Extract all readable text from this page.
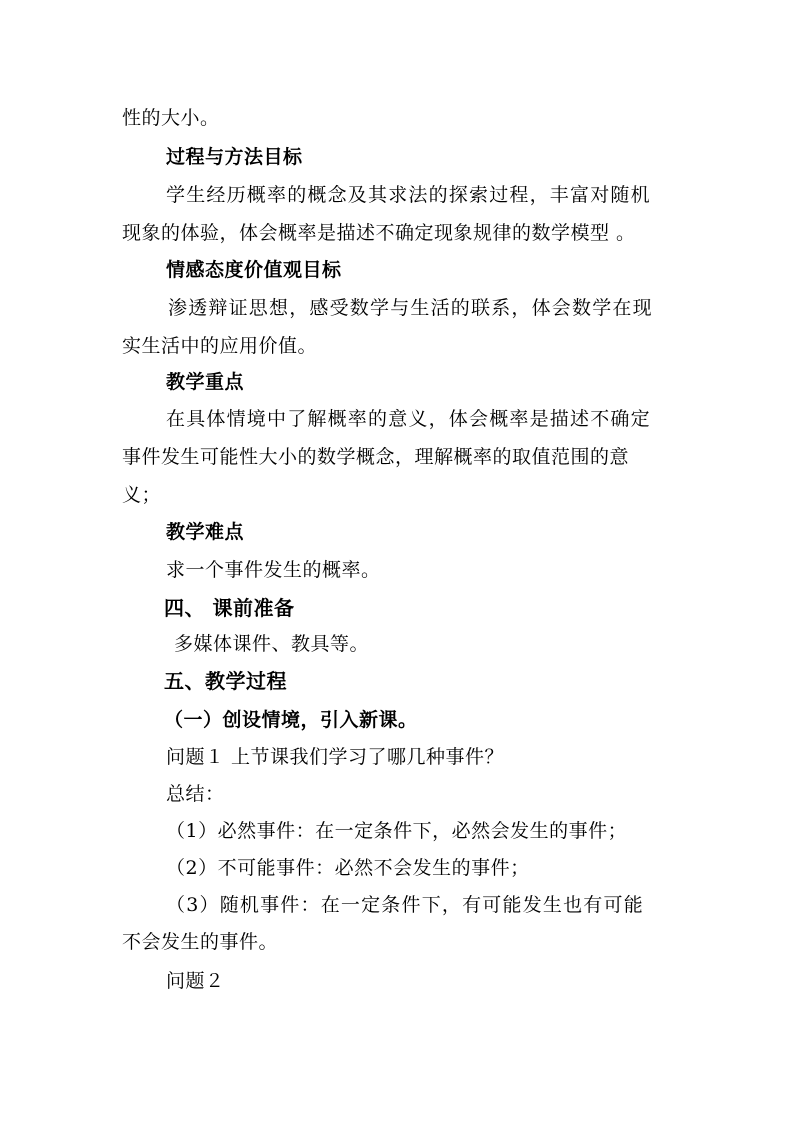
性的大小。
过程与方法目标
学生经历概率的概念及其求法的探索过程，丰富对随机
现象的体验，体会概率是描述不确定现象规律的数学模型 。
情感态度价值观目标
渗透辩证思想，感受数学与生活的联系，体会数学在现
实生活中的应用价值。
教学重点
在具体情境中了解概率的意义，体会概率是描述不确定
事件发生可能性大小的数学概念，理解概率的取值范围的意
义；
教学难点
求一个事件发生的概率。
四、 课前准备
多媒体课件、教具等。
五、教学过程
（一）创设情境，引入新课。
问题１ 上节课我们学习了哪几种事件？
总结：
（1）必然事件：在一定条件下，必然会发生的事件；
（2）不可能事件：必然不会发生的事件；
（3）随机事件：在一定条件下，有可能发生也有可能
不会发生的事件。
问题２
